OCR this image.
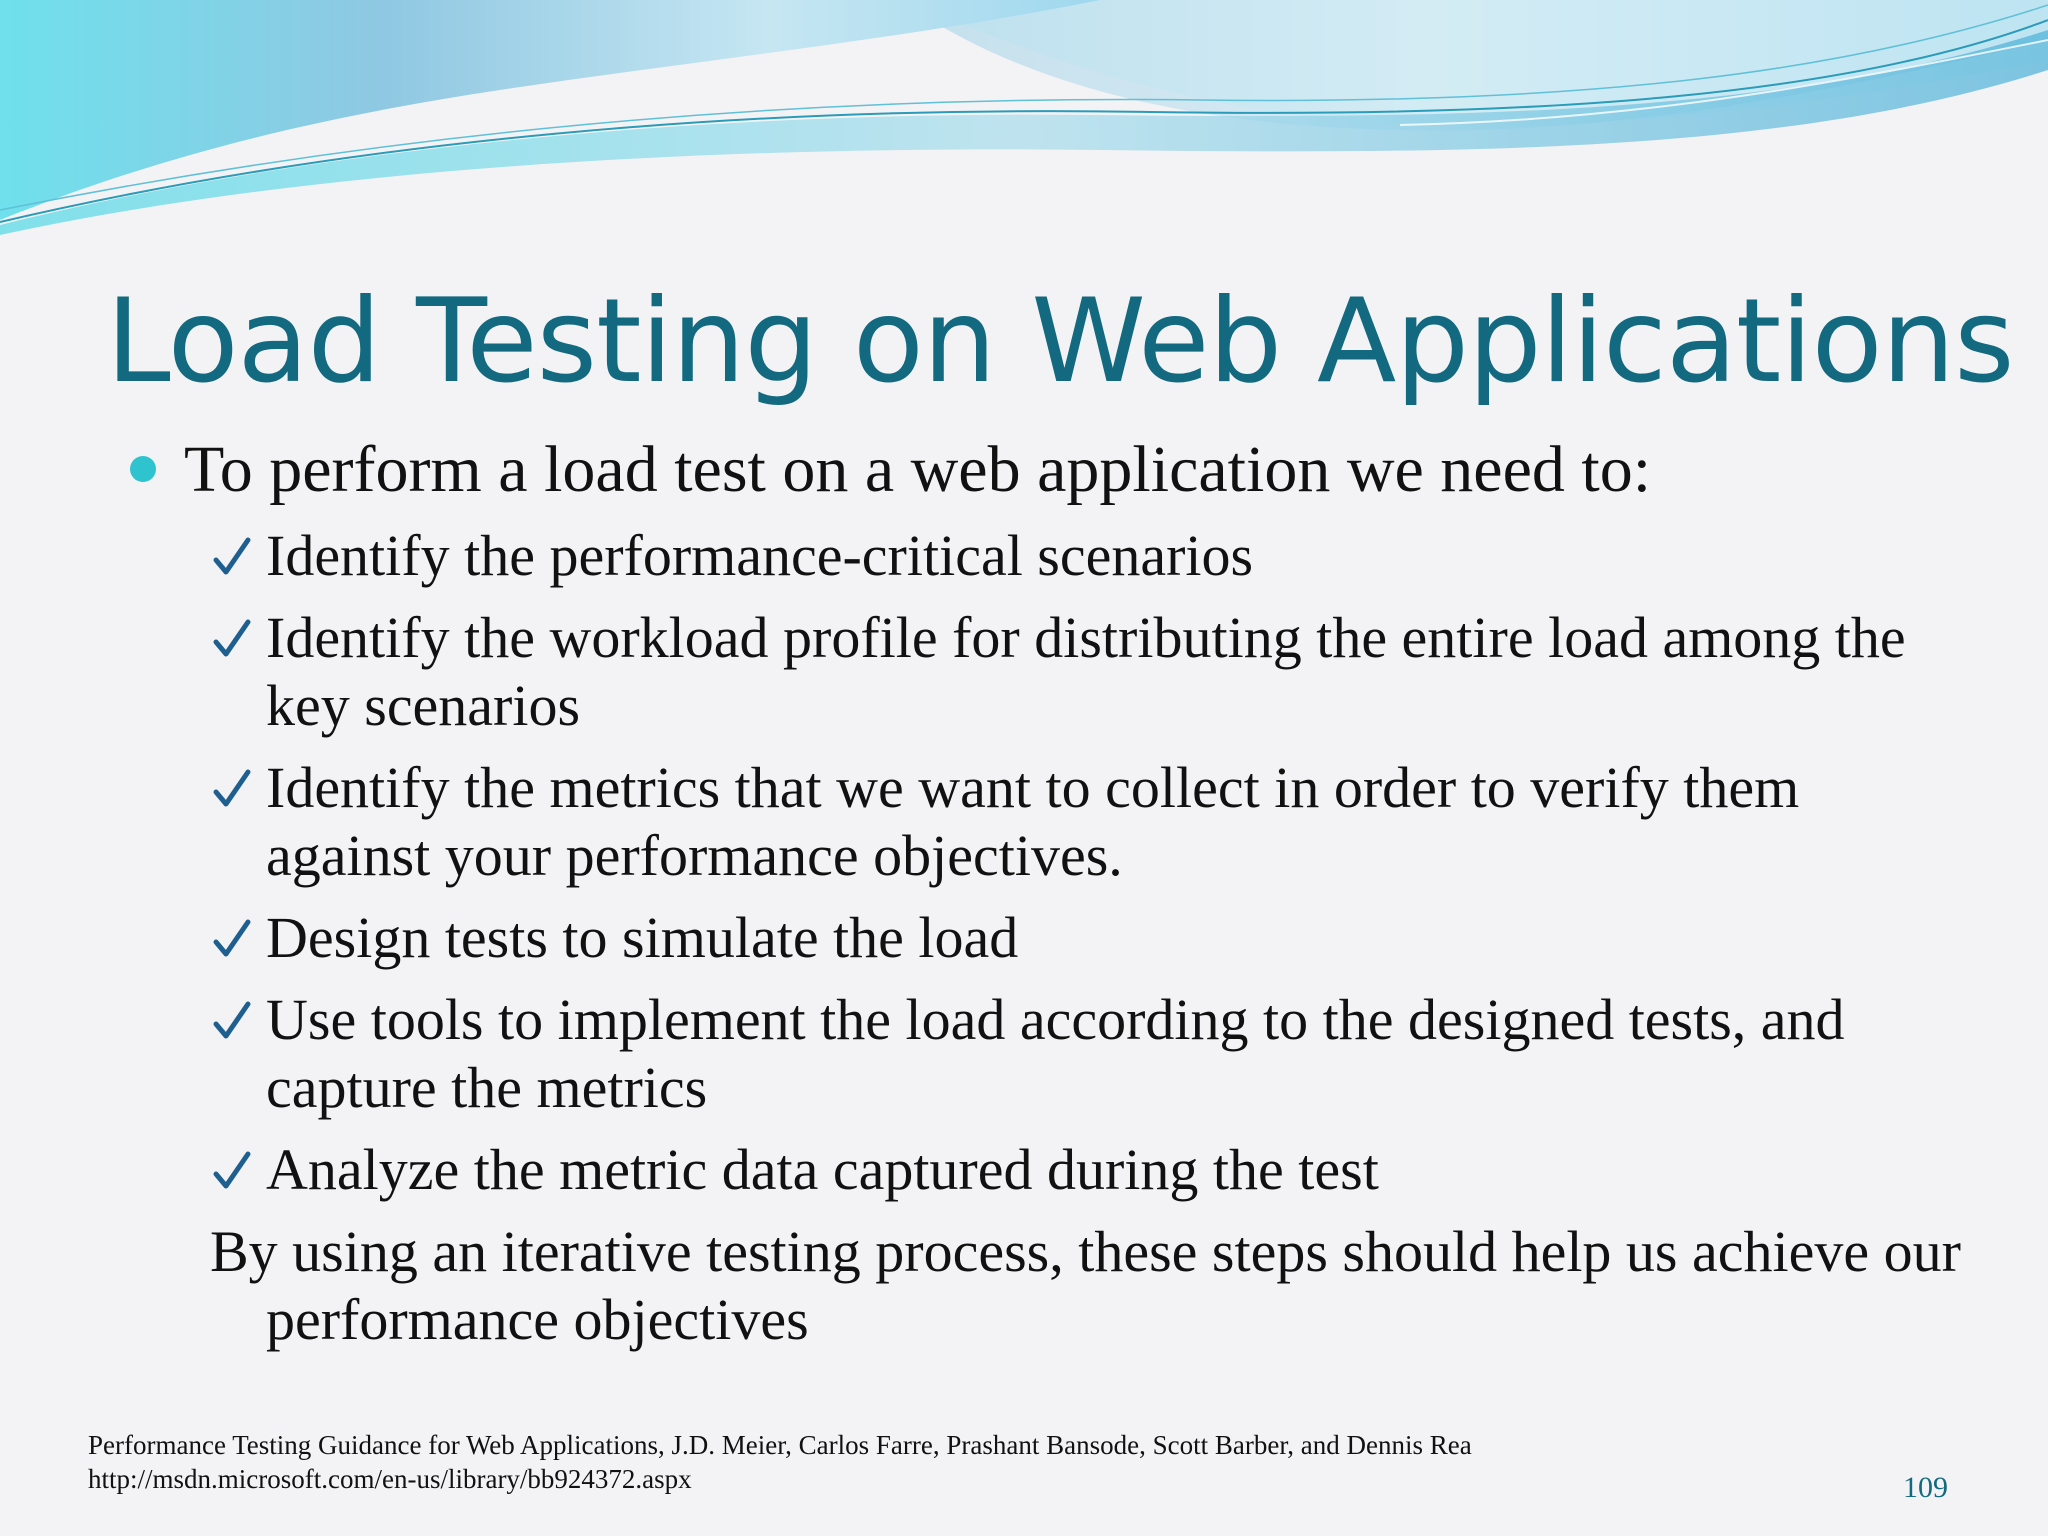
Load Testing on Web Applications

To perform a load test on a web application we need to:

Identify the performance-critical scenarios
Identify the workload profile for distributing the entire load among the key scenarios
Identify the metrics that we want to collect in order to verify them against your performance objectives.
Design tests to simulate the load
Use tools to implement the load according to the designed tests, and capture the metrics
Analyze the metric data captured during the test
By using an iterative testing process, these steps should help us achieve our performance objectives
Performance Testing Guidance for Web Applications, J.D. Meier, Carlos Farre, Prashant Bansode, Scott Barber, and Dennis Rea
http://msdn.microsoft.com/en-us/library/bb924372.aspx	109
